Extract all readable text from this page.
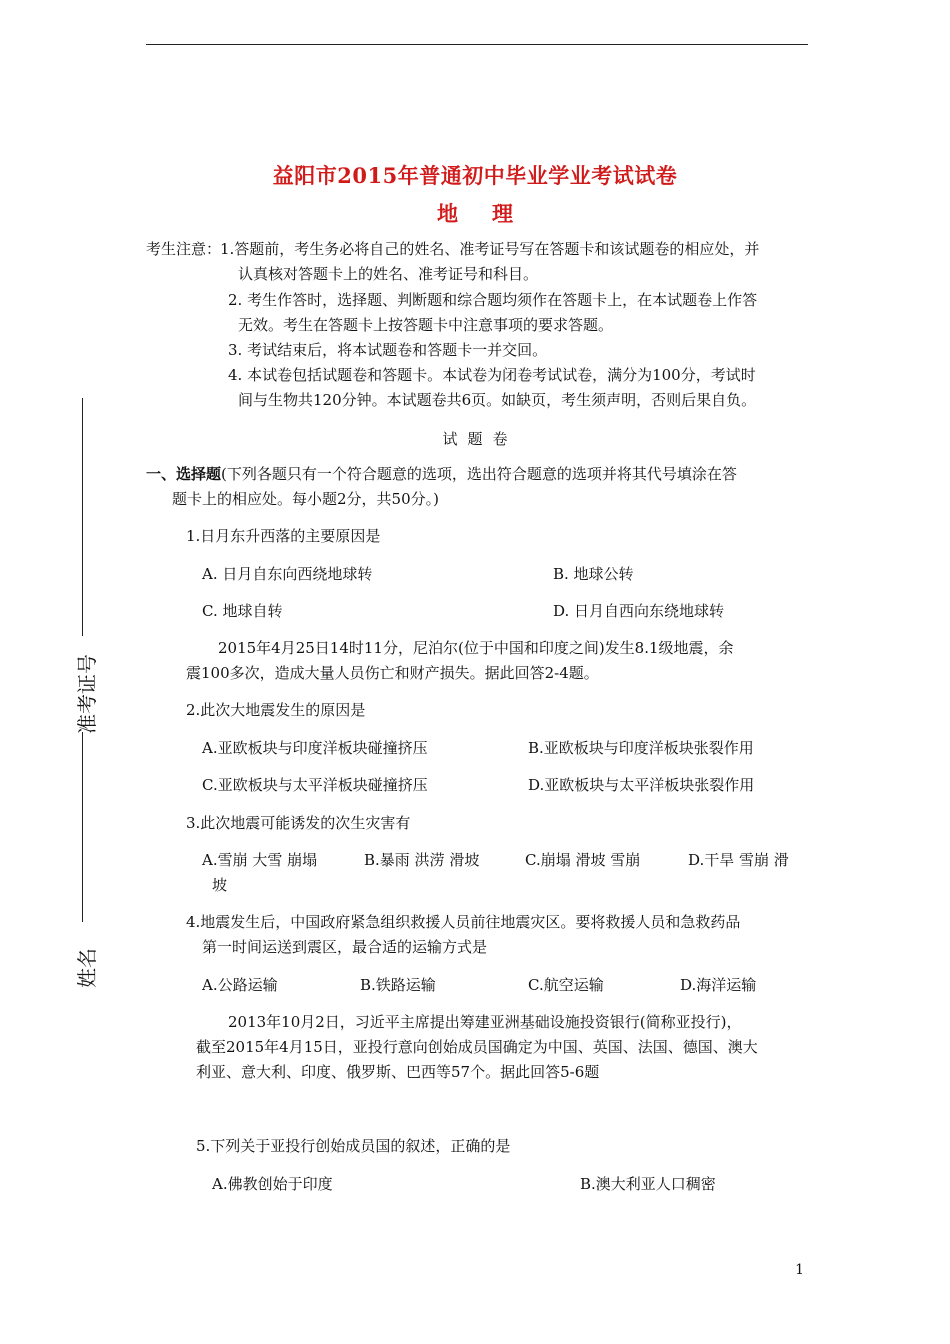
益阳市2015年普通初中毕业学业考试试卷
地理
考生注意：
1.答题前，考生务必将自己的姓名、准考证号写在答题卡和该试题卷的相应处，并
认真核对答题卡上的姓名、准考证号和科目。
2. 考生作答时，选择题、判断题和综合题均须作在答题卡上，在本试题卷上作答
无效。考生在答题卡上按答题卡中注意事项的要求答题。
3. 考试结束后，将本试题卷和答题卡一并交回。
4. 本试卷包括试题卷和答题卡。本试卷为闭卷考试试卷，满分为100分，考试时
间与生物共120分钟。本试题卷共6页。如缺页，考生须声明，否则后果自负。
试题卷
一、选择题(下列各题只有一个符合题意的选项，选出符合题意的选项并将其代号填涂在答
题卡上的相应处。每小题2分，共50分。)
1.日月东升西落的主要原因是
A. 日月自东向西绕地球转	B. 地球公转
C. 地球自转	D. 日月自西向东绕地球转
2015年4月25日14时11分，尼泊尔(位于中国和印度之间)发生8.1级地震，余
震100多次，造成大量人员伤亡和财产损失。据此回答2-4题。
2.此次大地震发生的原因是
A.亚欧板块与印度洋板块碰撞挤压	B.亚欧板块与印度洋板块张裂作用
C.亚欧板块与太平洋板块碰撞挤压	D.亚欧板块与太平洋板块张裂作用
3.此次地震可能诱发的次生灾害有
A.雪崩 大雪 崩塌	B.暴雨 洪涝 滑坡	C.崩塌 滑坡 雪崩	D.干旱 雪崩 滑
坡
4.地震发生后，中国政府紧急组织救援人员前往地震灾区。要将救援人员和急救药品
第一时间运送到震区，最合适的运输方式是
A.公路运输	B.铁路运输	C.航空运输	D.海洋运输
2013年10月2日，习近平主席提出筹建亚洲基础设施投资银行(简称亚投行)，
截至2015年4月15日，亚投行意向创始成员国确定为中国、英国、法国、德国、澳大
利亚、意大利、印度、俄罗斯、巴西等57个。据此回答5-6题
5.下列关于亚投行创始成员国的叙述，正确的是
A.佛教创始于印度	B.澳大利亚人口稠密
准考证号
姓名
1
